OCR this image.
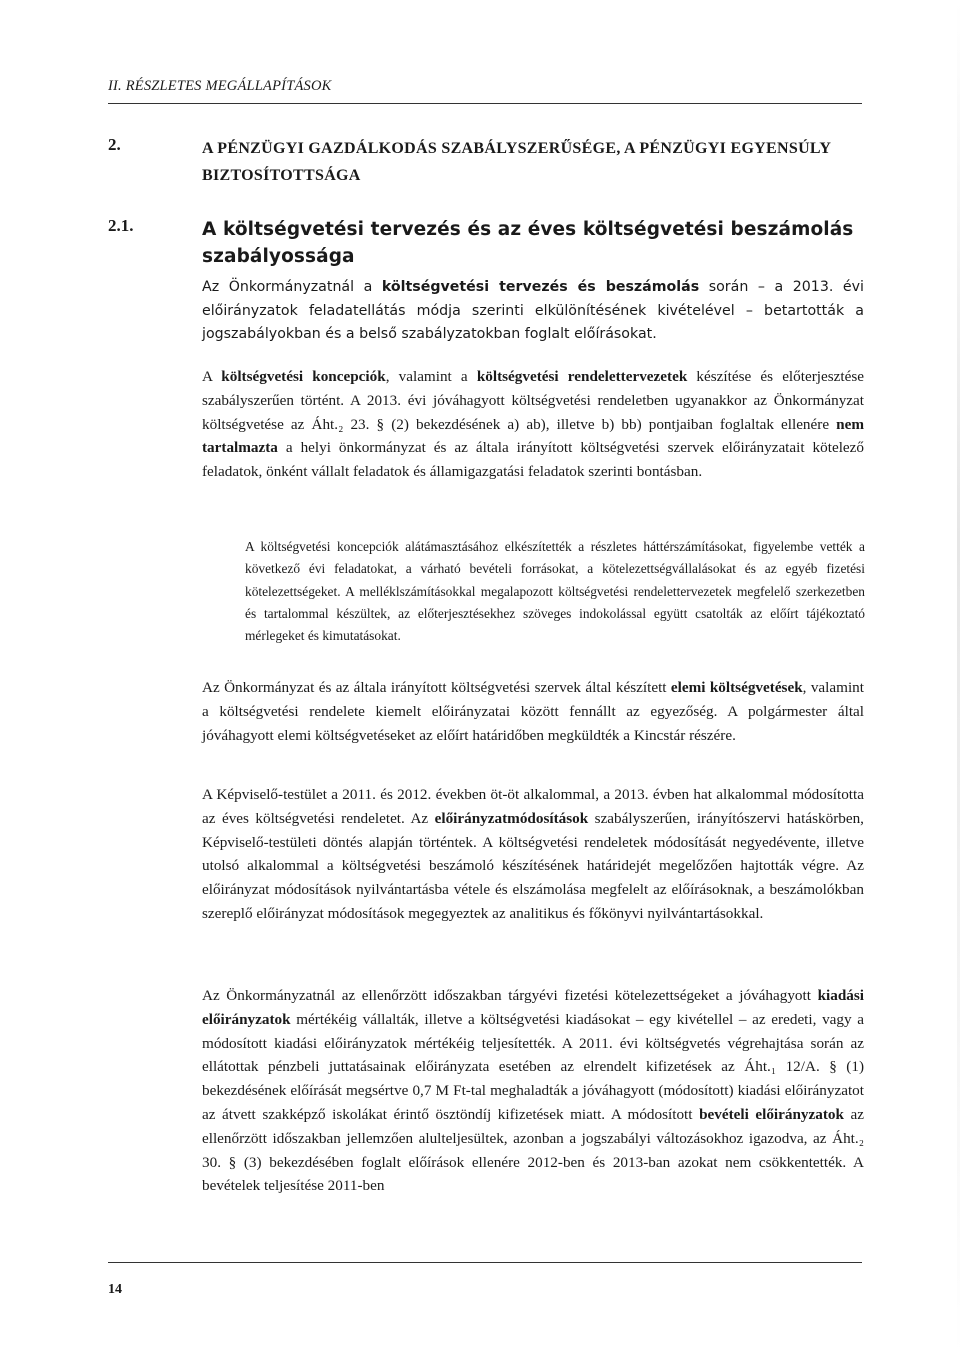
II. RÉSZLETES MEGÁLLAPÍTÁSOK
2.	A PÉNZÜGYI GAZDÁLKODÁS SZABÁLYSZERŰSÉGE, A PÉNZÜGYI EGYENSÚLY BIZTOSÍTOTTSÁGA
2.1.	A költségvetési tervezés és az éves költségvetési beszámolás szabályossága

Az Önkormányzatnál a költségvetési tervezés és beszámolás során – a 2013. évi előirányzatok feladatellátás módja szerinti elkülönítésének kivételével – betartották a jogszabályokban és a belső szabályzatokban foglalt előírásokat.

A költségvetési koncepciók, valamint a költségvetési rendelettervezetek készítése és előterjesztése szabályszerűen történt. A 2013. évi jóváhagyott költségvetési rendeletben ugyanakkor az Önkormányzat költségvetése az Áht.₂ 23. § (2) bekezdésének a) ab), illetve b) bb) pontjaiban foglaltak ellenére nem tartalmazta a helyi önkormányzat és az általa irányított költségvetési szervek előirányzatait kötelező feladatok, önként vállalt feladatok és államigazgatási feladatok szerinti bontásban.

A költségvetési koncepciók alátámasztásához elkészítették a részletes háttérszámításokat, figyelembe vették a következő évi feladatokat, a várható bevételi forrásokat, a kötelezettségvállalásokat és az egyéb fizetési kötelezettségeket. A melléklszámításokkal megalapozott költségvetési rendelettervezetek megfelelő szerkezetben és tartalommal készültek, az előterjesztésekhez szöveges indokolással együtt csatolták az előírt tájékoztató mérlegeket és kimutatásokat.

Az Önkormányzat és az általa irányított költségvetési szervek által készített elemi költségvetések, valamint a költségvetési rendelete kiemelt előirányzatai között fennállt az egyezőség. A polgármester által jóváhagyott elemi költségvetéseket az előírt határidőben megküldték a Kincstár részére.

A Képviselő-testület a 2011. és 2012. években öt-öt alkalommal, a 2013. évben hat alkalommal módosította az éves költségvetési rendeletet. Az előirányzatmódosítások szabályszerűen, irányítószervi hatáskörben, Képviselő-testületi döntés alapján történtek. A költségvetési rendeletek módosítását negyedévente, illetve utolsó alkalommal a költségvetési beszámoló készítésének határidejét megelőzően hajtották végre. Az előirányzat módosítások nyilvántartásba vétele és elszámolása megfelelt az előírásoknak, a beszámolókban szereplő előirányzat módosítások megegyeztek az analitikus és főkönyvi nyilvántartásokkal.

Az Önkormányzatnál az ellenőrzött időszakban tárgyévi fizetési kötelezettségeket a jóváhagyott kiadási előirányzatok mértékéig vállalták, illetve a költségvetési kiadásokat – egy kivétellel – az eredeti, vagy a módosított kiadási előirányzatok mértékéig teljesítették. A 2011. évi költségvetés végrehajtása során az ellátottak pénzbeli juttatásainak előirányzata esetében az elrendelt kifizetések az Áht.₁ 12/A. § (1) bekezdésének előírását megsértve 0,7 M Ft-tal meghaladták a jóváhagyott (módosított) kiadási előirányzatot az átvett szakképző iskolákat érintő ösztöndíj kifizetések miatt. A módosított bevételi előirányzatok az ellenőrzött időszakban jellemzően alulteljesültek, azonban a jogszabályi változásokhoz igazodva, az Áht.₂ 30. § (3) bekezdésében foglalt előírások ellenére 2012-ben és 2013-ban azokat nem csökkentették. A bevételek teljesítése 2011-ben

14
